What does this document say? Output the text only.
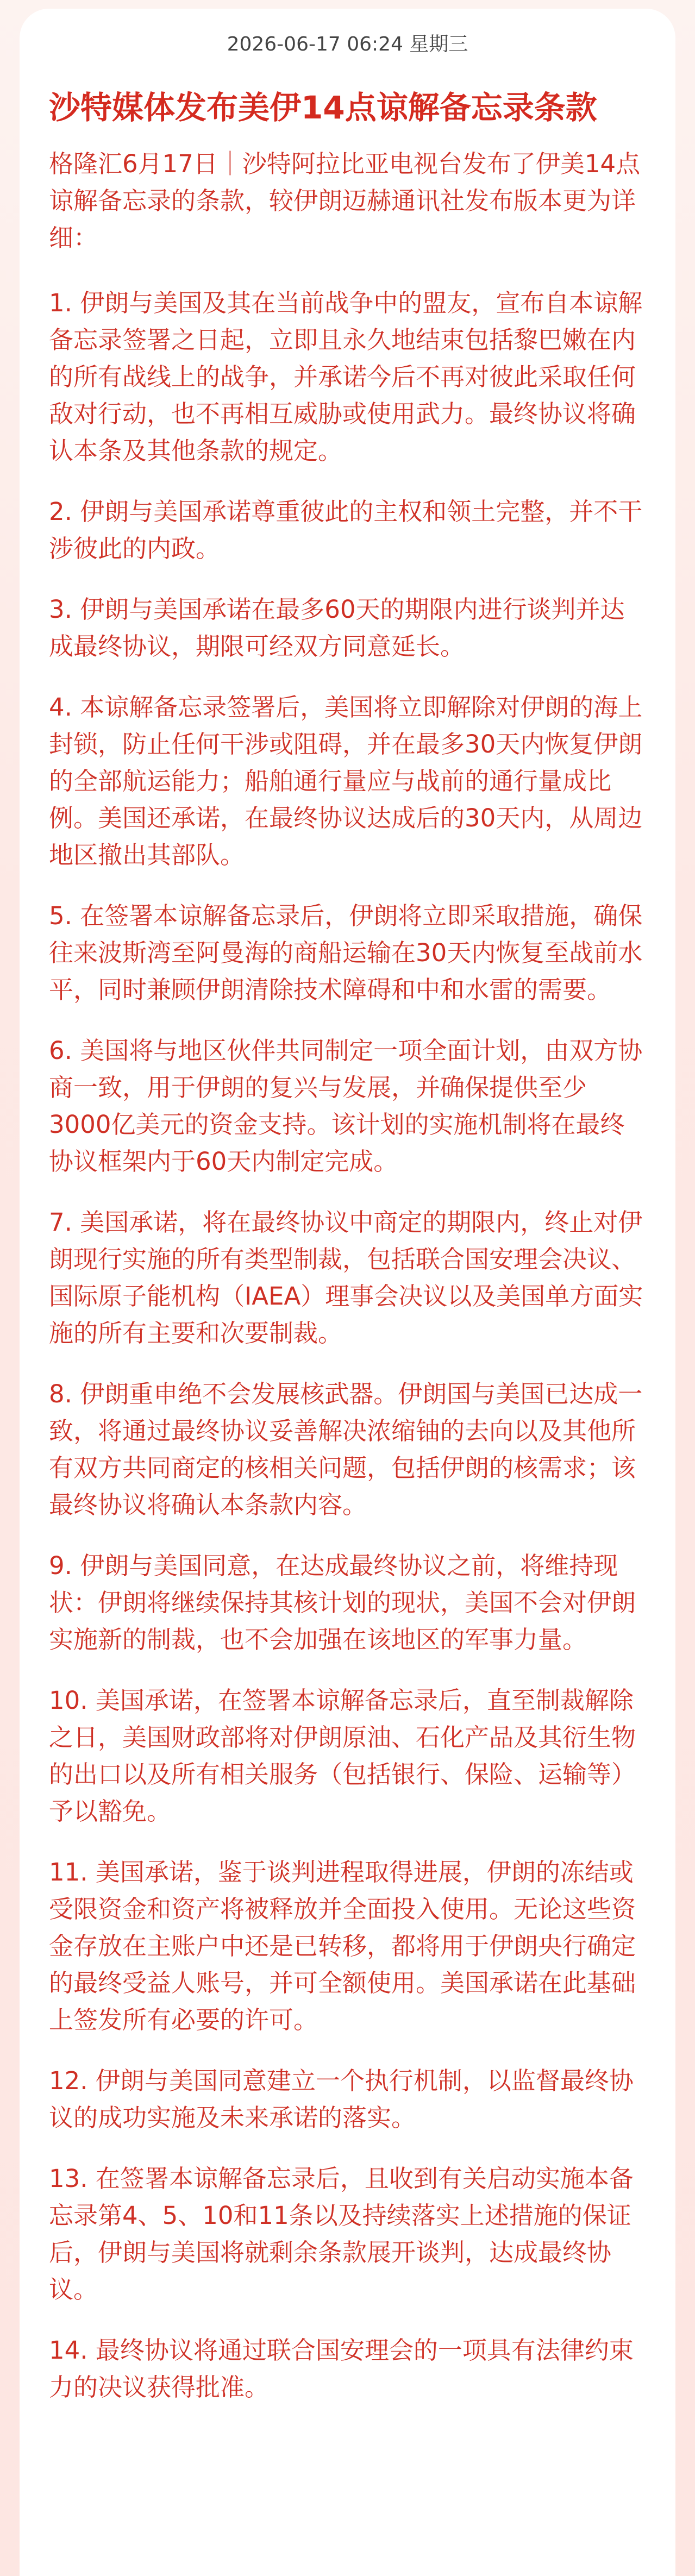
2026-06-17 06:24 星期三
沙特媒体发布美伊14点谅解备忘录条款

格隆汇6月17日｜沙特阿拉比亚电视台发布了伊美14点谅解备忘录的条款，较伊朗迈赫通讯社发布版本更为详细：

1. 伊朗与美国及其在当前战争中的盟友，宣布自本谅解备忘录签署之日起，立即且永久地结束包括黎巴嫩在内的所有战线上的战争，并承诺今后不再对彼此采取任何敌对行动，也不再相互威胁或使用武力。最终协议将确认本条及其他条款的规定。
2. 伊朗与美国承诺尊重彼此的主权和领土完整，并不干涉彼此的内政。
3. 伊朗与美国承诺在最多60天的期限内进行谈判并达成最终协议，期限可经双方同意延长。
4. 本谅解备忘录签署后，美国将立即解除对伊朗的海上封锁，防止任何干涉或阻碍，并在最多30天内恢复伊朗的全部航运能力；船舶通行量应与战前的通行量成比例。美国还承诺，在最终协议达成后的30天内，从周边地区撤出其部队。
5. 在签署本谅解备忘录后，伊朗将立即采取措施，确保往来波斯湾至阿曼海的商船运输在30天内恢复至战前水平，同时兼顾伊朗清除技术障碍和中和水雷的需要。
6. 美国将与地区伙伴共同制定一项全面计划，由双方协商一致，用于伊朗的复兴与发展，并确保提供至少3000亿美元的资金支持。该计划的实施机制将在最终协议框架内于60天内制定完成。
7. 美国承诺，将在最终协议中商定的期限内，终止对伊朗现行实施的所有类型制裁，包括联合国安理会决议、国际原子能机构（IAEA）理事会决议以及美国单方面实施的所有主要和次要制裁。
8. 伊朗重申绝不会发展核武器。伊朗国与美国已达成一致，将通过最终协议妥善解决浓缩铀的去向以及其他所有双方共同商定的核相关问题，包括伊朗的核需求；该最终协议将确认本条款内容。
9. 伊朗与美国同意，在达成最终协议之前，将维持现状：伊朗将继续保持其核计划的现状，美国不会对伊朗实施新的制裁，也不会加强在该地区的军事力量。
10. 美国承诺，在签署本谅解备忘录后，直至制裁解除之日，美国财政部将对伊朗原油、石化产品及其衍生物的出口以及所有相关服务（包括银行、保险、运输等）予以豁免。
11. 美国承诺，鉴于谈判进程取得进展，伊朗的冻结或受限资金和资产将被释放并全面投入使用。无论这些资金存放在主账户中还是已转移，都将用于伊朗央行确定的最终受益人账号，并可全额使用。美国承诺在此基础上签发所有必要的许可。
12. 伊朗与美国同意建立一个执行机制，以监督最终协议的成功实施及未来承诺的落实。
13. 在签署本谅解备忘录后，且收到有关启动实施本备忘录第4、5、10和11条以及持续落实上述措施的保证后，伊朗与美国将就剩余条款展开谈判，达成最终协议。
14. 最终协议将通过联合国安理会的一项具有法律约束力的决议获得批准。
